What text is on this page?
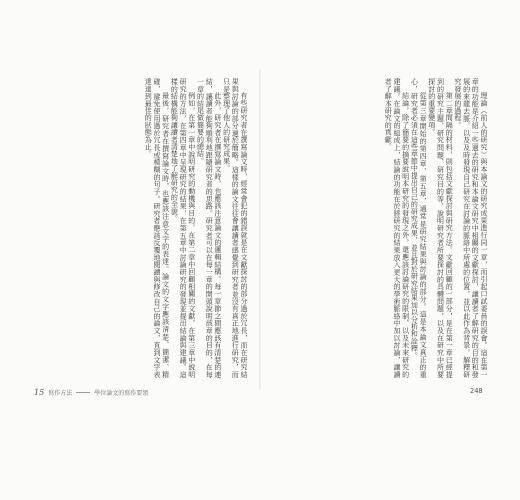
理論（前人的研究）與本論文的研究成果進行同一章，而引起口試委員的誤會。這在第一章的功能是介紹一些過去的研究和本論文研究中相關的文獻探討，讓讀者了解研究的目的和發展的來龍去脈，以及及時發現自己研究在討論的脈絡中所處的位置，並以此作為背景，解釋研究發展的過程。

第二章間隔的材料，則包括文獻探討與研究方法。文獻回顧的一部分，是在第一章已經提到的研究主題、研究問題、研究目的等，說明研究者所要探討的具體問題，以及在研究中所要探討的重要變項。

從第三章開始的第四章、第五章，通常是研究結果與討論的部分。這是本論文真正的重心，研究者必須在這些章節中提出自己的研究成果，並且對於研究結果加以分析和詮釋。

結論，除了簡要的摘要說明本研究的發現之外，還應該討論研究的限制，以及未來研究的建議。在論文的組成上，結論的功能在於將研究的結果放入更大的學術脈絡中加以討論，讓讀者了解本研究的貢獻。

有些研究者在撰寫論文時，經常會犯的錯誤就是在文獻探討的部分過於冗長，而在研究結果與討論的部分過於簡略。這樣的論文往往會讓讀者感覺到研究者並沒有真正地進行研究，而只是整理了他人的研究成果。

此外，研究者在撰寫論文時，也應該注意論文的邏輯結構。每一章節之間應該有清楚的連結，讓讀者能夠順利地跟隨研究者的思路。研究者可以在每一章的開頭說明該章的目的，在每一章的結尾做簡要的總結。

例如，在第一章中說明研究的動機與目的，在第二章中回顧相關的文獻，在第三章中說明研究的方法，在第四章中呈現研究的結果，在第五章中討論研究的發現並提出結論與建議。這樣的結構能夠讓讀者清楚地了解研究的全貌。

最後，研究者在撰寫論文時，也應該注意文字的表達。論文的文字應該清楚、簡潔、精確，避免使用過於冗長或模糊的句子。研究者應該反覆地閱讀與修改自己的論文，直到文字表達達到最佳的狀態為止。

15 寫作方法	學位論文的寫作要領	248
